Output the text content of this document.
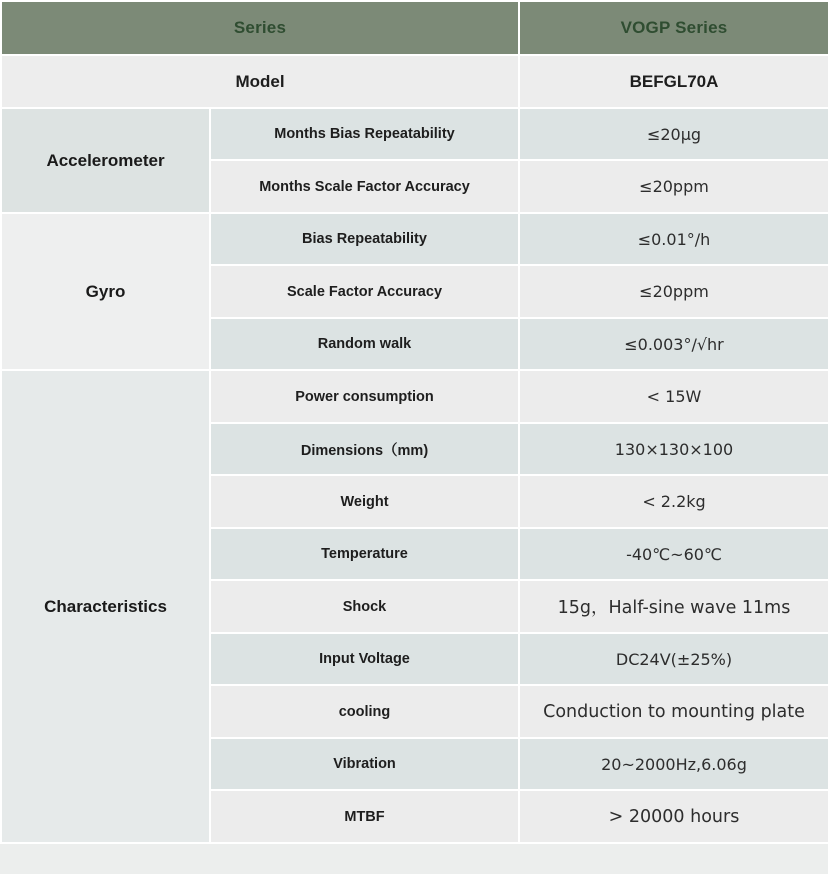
Series		VOGP Series
Model		BEFGL70A
Accelerometer	Months Bias Repeatability	≤20μg
	Months Scale Factor Accuracy	≤20ppm
Gyro	Bias Repeatability	≤0.01°/h
	Scale Factor Accuracy	≤20ppm
	Random walk	≤0.003°/√hr
Characteristics	Power consumption	< 15W
	Dimensions（mm)	130×130×100
	Weight	< 2.2kg
	Temperature	-40℃~60℃
	Shock	15g，Half-sine wave 11ms
	Input Voltage	DC24V(±25%)
	cooling	Conduction to mounting plate
	Vibration	20~2000Hz,6.06g
	MTBF	> 20000 hours
